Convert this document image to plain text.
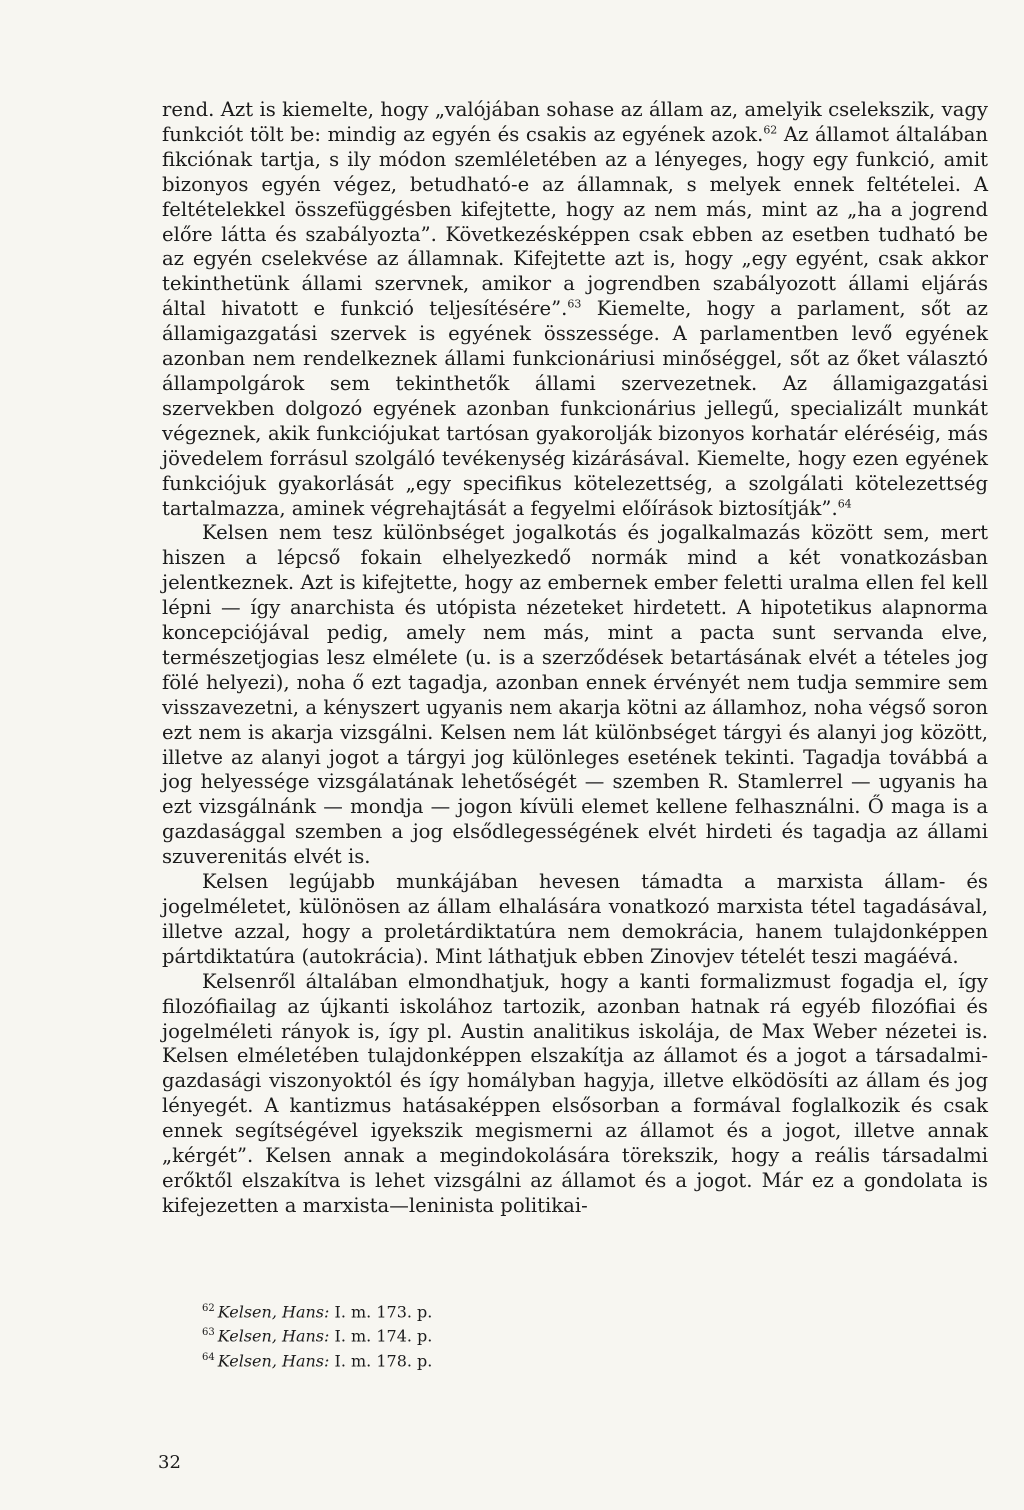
rend. Azt is kiemelte, hogy „valójában sohase az állam az, amelyik cselekszik, vagy funkciót tölt be: mindig az egyén és csakis az egyének azok.$^{62}$ Az államot általában fikciónak tartja, s ily módon szemléletében az a lényeges, hogy egy funkció, amit bizonyos egyén végez, betudható-e az államnak, s melyek ennek feltételei. A feltételekkel összefüggésben kifejtette, hogy az nem más, mint az „ha a jogrend előre látta és szabályozta”. Következésképpen csak ebben az esetben tudható be az egyén cselekvése az államnak. Kifejtette azt is, hogy „egy egyént, csak akkor tekinthetünk állami szervnek, amikor a jogrendben szabályozott állami eljárás által hivatott e funkció teljesítésére”.$^{63}$ Kiemelte, hogy a parlament, sőt az államigazgatási szervek is egyének összessége. A parlamentben levő egyének azonban nem rendelkeznek állami funkcionáriusi minőséggel, sőt az őket választó állampolgárok sem tekinthetők állami szervezetnek. Az államigazgatási szervekben dolgozó egyének azonban funkcionárius jellegű, specializált munkát végeznek, akik funkciójukat tartósan gyakorolják bizonyos korhatár eléréséig, más jövedelem forrásul szolgáló tevékenység kizárásával. Kiemelte, hogy ezen egyének funkciójuk gyakorlását „egy specifikus kötelezettség, a szolgálati kötelezettség tartalmazza, aminek végrehajtását a fegyelmi előírások biztosítják”.$^{64}$

Kelsen nem tesz különbséget jogalkotás és jogalkalmazás között sem, mert hiszen a lépcső fokain elhelyezkedő normák mind a két vonatkozásban jelentkeznek. Azt is kifejtette, hogy az embernek ember feletti uralma ellen fel kell lépni — így anarchista és utópista nézeteket hirdetett. A hipotetikus alapnorma koncepciójával pedig, amely nem más, mint a pacta sunt servanda elve, természetjogias lesz elmélete (u. is a szerződések betartásának elvét a tételes jog fölé helyezi), noha ő ezt tagadja, azonban ennek érvényét nem tudja semmire sem visszavezetni, a kényszert ugyanis nem akarja kötni az államhoz, noha végső soron ezt nem is akarja vizsgálni. Kelsen nem lát különbséget tárgyi és alanyi jog között, illetve az alanyi jogot a tárgyi jog különleges esetének tekinti. Tagadja továbbá a jog helyessége vizsgálatának lehetőségét — szemben R. Stamlerrel — ugyanis ha ezt vizsgálnánk — mondja — jogon kívüli elemet kellene felhasználni. Ő maga is a gazdasággal szemben a jog elsődlegességének elvét hirdeti és tagadja az állami szuverenitás elvét is.

Kelsen legújabb munkájában hevesen támadta a marxista állam- és jogelméletet, különösen az állam elhalására vonatkozó marxista tétel tagadásával, illetve azzal, hogy a proletárdiktatúra nem demokrácia, hanem tulajdonképpen pártdiktatúra (autokrácia). Mint láthatjuk ebben Zinovjev tételét teszi magáévá.

Kelsenről általában elmondhatjuk, hogy a kanti formalizmust fogadja el, így filozófiailag az újkanti iskolához tartozik, azonban hatnak rá egyéb filozófiai és jogelméleti rányok is, így pl. Austin analitikus iskolája, de Max Weber nézetei is. Kelsen elméletében tulajdonképpen elszakítja az államot és a jogot a társadalmi-gazdasági viszonyoktól és így homályban hagyja, illetve elködösíti az állam és jog lényegét. A kantizmus hatásaképpen elsősorban a formával foglalkozik és csak ennek segítségével igyekszik megismerni az államot és a jogot, illetve annak „kérgét”. Kelsen annak a megindokolására törekszik, hogy a reális társadalmi erőktől elszakítva is lehet vizsgálni az államot és a jogot. Már ez a gondolata is kifejezetten a marxista—leninista politikai-

$^{62}$ Kelsen, Hans: I. m. 173. p.

$^{63}$ Kelsen, Hans: I. m. 174. p.

$^{64}$ Kelsen, Hans: I. m. 178. p.

32
